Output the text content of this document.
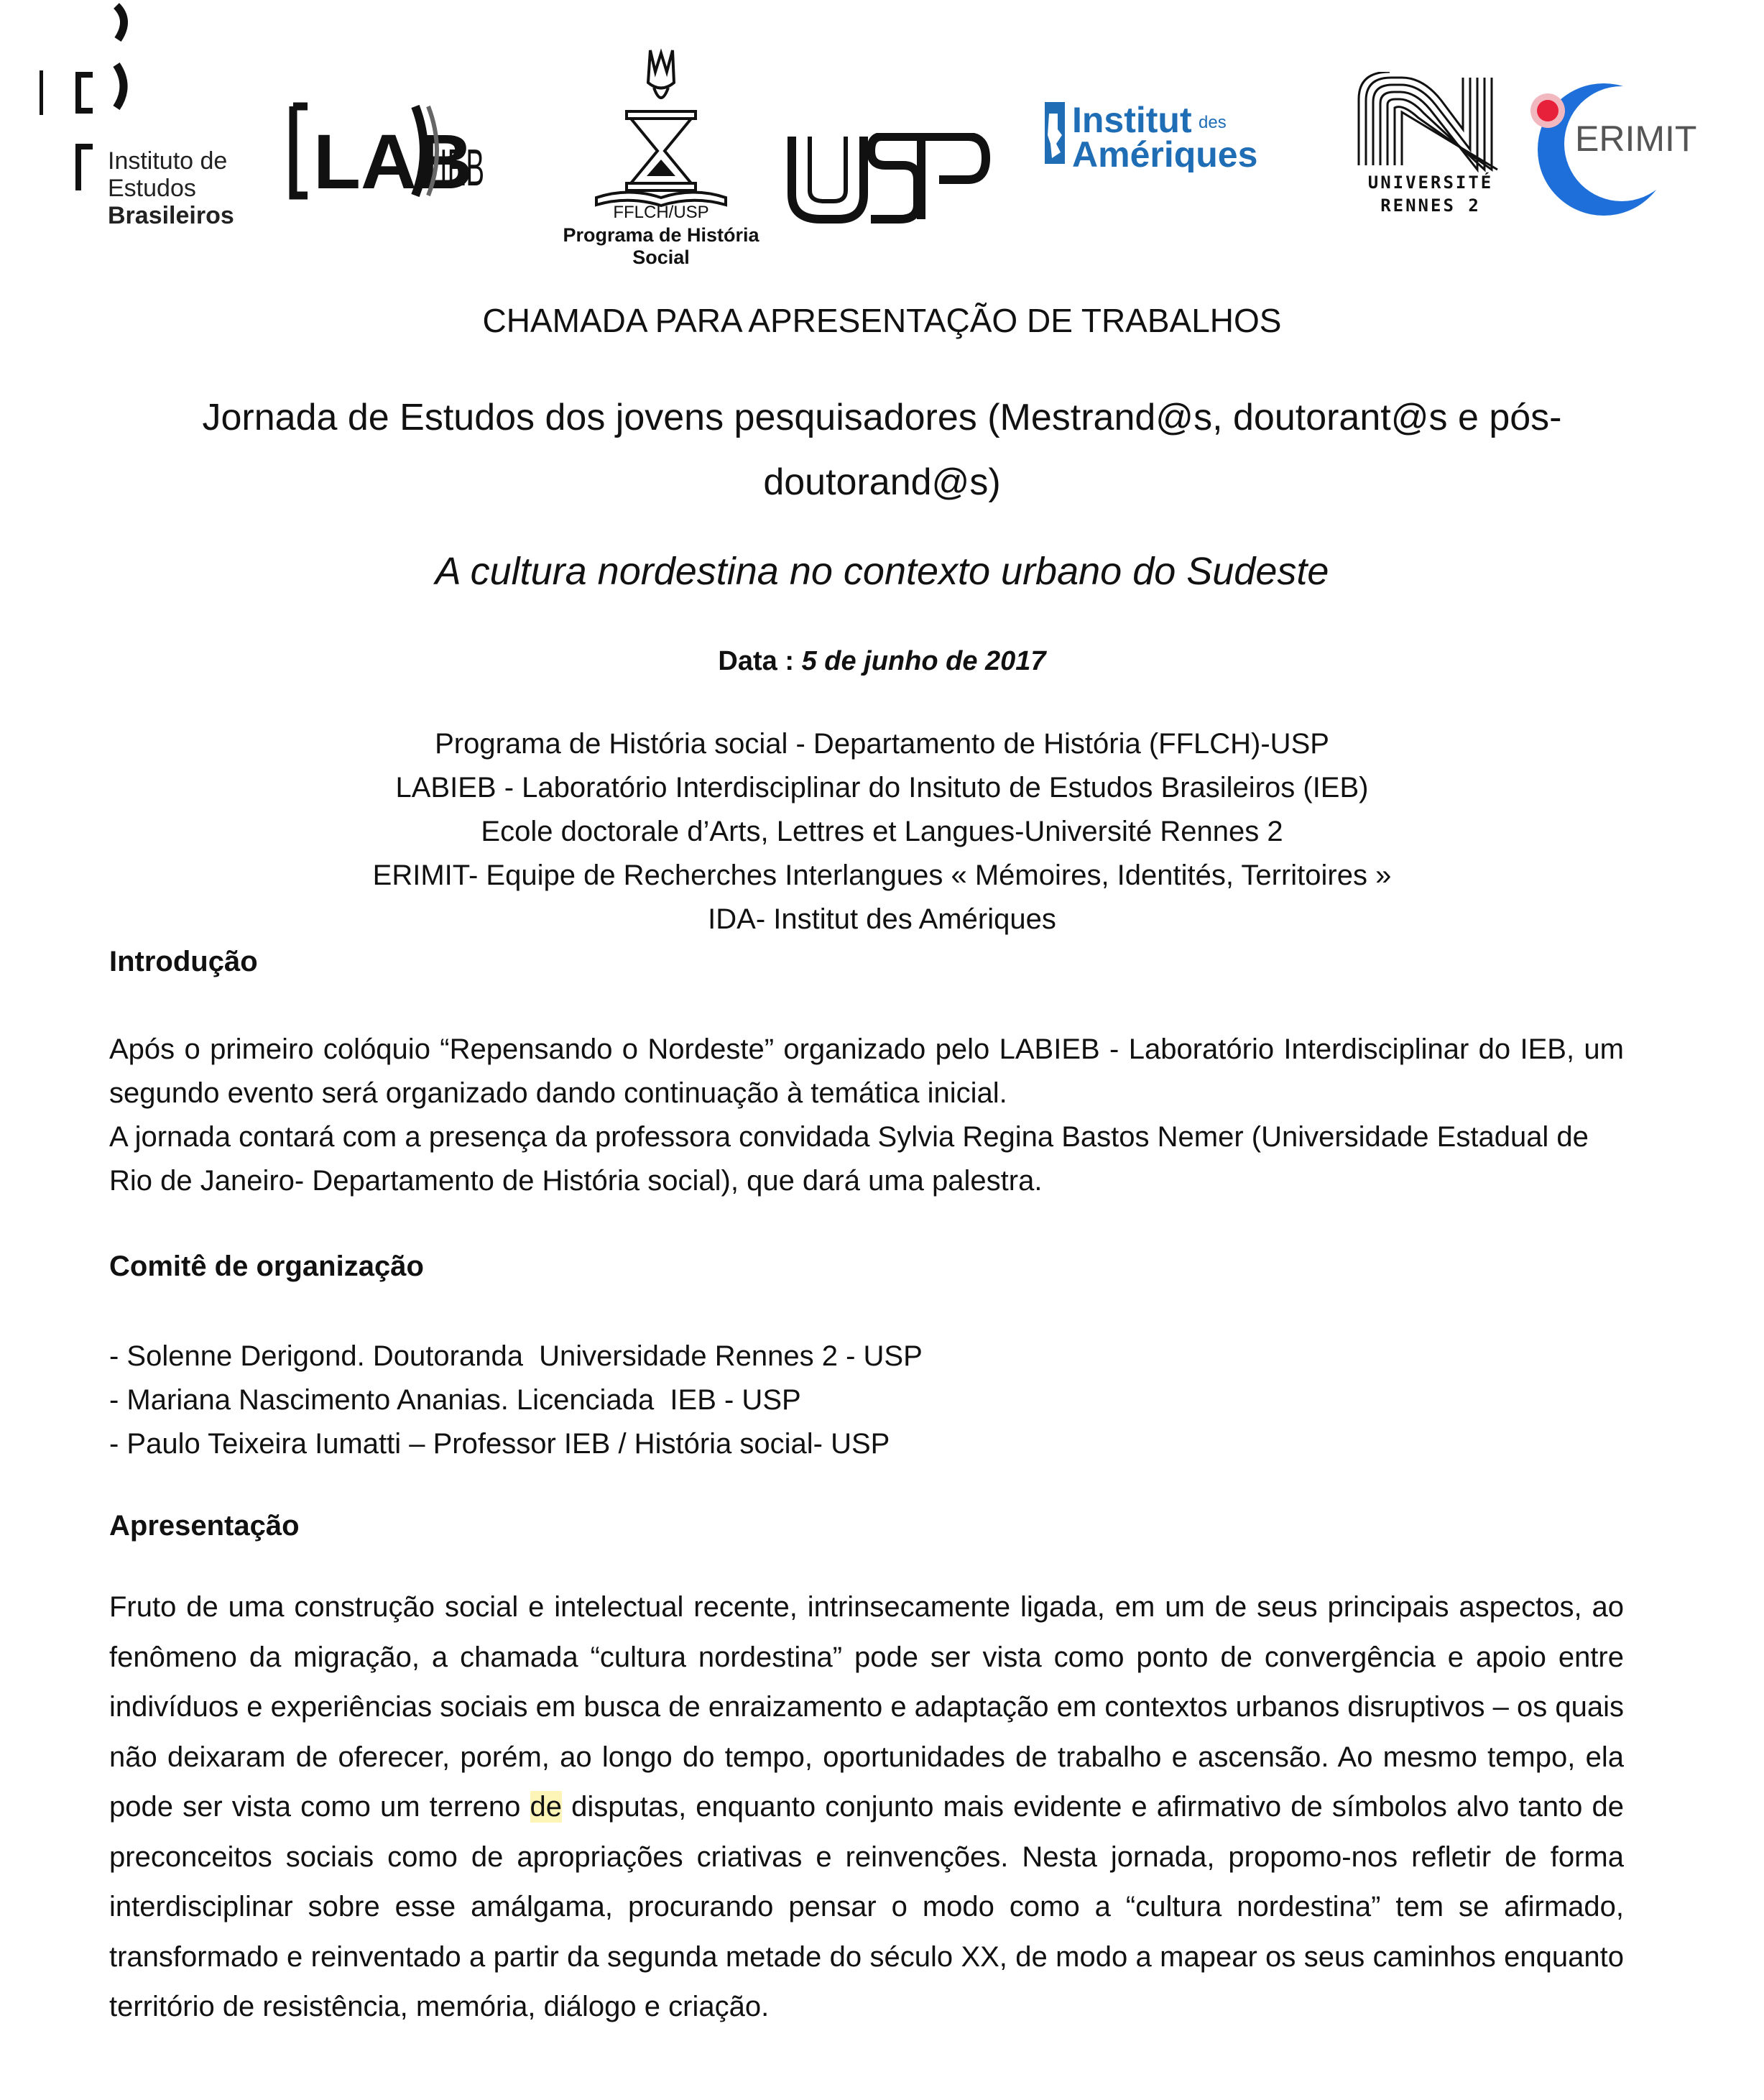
Instituto de
Estudos
Brasileiros
LAB
IEB
FFLCH/USP
Programa de História Social
USP	Institut des
Amériques
UNIVERSITÉ
RENNES 2
ERIMIT
CHAMADA PARA APRESENTAÇÃO DE TRABALHOS
Jornada de Estudos dos jovens pesquisadores (Mestrand@s, doutorant@s e pós-doutorand@s)
A cultura nordestina no contexto urbano do Sudeste
Data : 5 de junho de 2017
Programa de História social - Departamento de História (FFLCH)-USP
LABIEB - Laboratório Interdisciplinar do Insituto de Estudos Brasileiros (IEB)
Ecole doctorale d’Arts, Lettres et Langues-Université Rennes 2
ERIMIT- Equipe de Recherches Interlangues « Mémoires, Identités, Territoires »
IDA- Institut des Amériques
Introdução

Após o primeiro colóquio “Repensando o Nordeste” organizado pelo LABIEB - Laboratório Interdisciplinar do IEB, um segundo evento será organizado dando continuação à temática inicial.

A jornada contará com a presença da professora convidada Sylvia Regina Bastos Nemer (Universidade Estadual de Rio de Janeiro- Departamento de História social), que dará uma palestra.

Comitê de organização
- Solenne Derigond. Doutoranda  Universidade Rennes 2 - USP
- Mariana Nascimento Ananias. Licenciada  IEB - USP
- Paulo Teixeira Iumatti – Professor IEB / História social- USP
Apresentação
Fruto de uma construção social e intelectual recente, intrinsecamente ligada, em um de seus principais aspectos, ao fenômeno da migração, a chamada “cultura nordestina” pode ser vista como ponto de convergência e apoio entre indivíduos e experiências sociais em busca de enraizamento e adaptação em contextos urbanos disruptivos – os quais não deixaram de oferecer, porém, ao longo do tempo, oportunidades de trabalho e ascensão. Ao mesmo tempo, ela pode ser vista como um terreno de disputas, enquanto conjunto mais evidente e afirmativo de símbolos alvo tanto de preconceitos sociais como de apropriações criativas e reinvenções. Nesta jornada, propomo-nos refletir de forma interdisciplinar sobre esse amálgama, procurando pensar o modo como a “cultura nordestina” tem se afirmado, transformado e reinventado a partir da segunda metade do século XX, de modo a mapear os seus caminhos enquanto território de resistência, memória, diálogo e criação.
